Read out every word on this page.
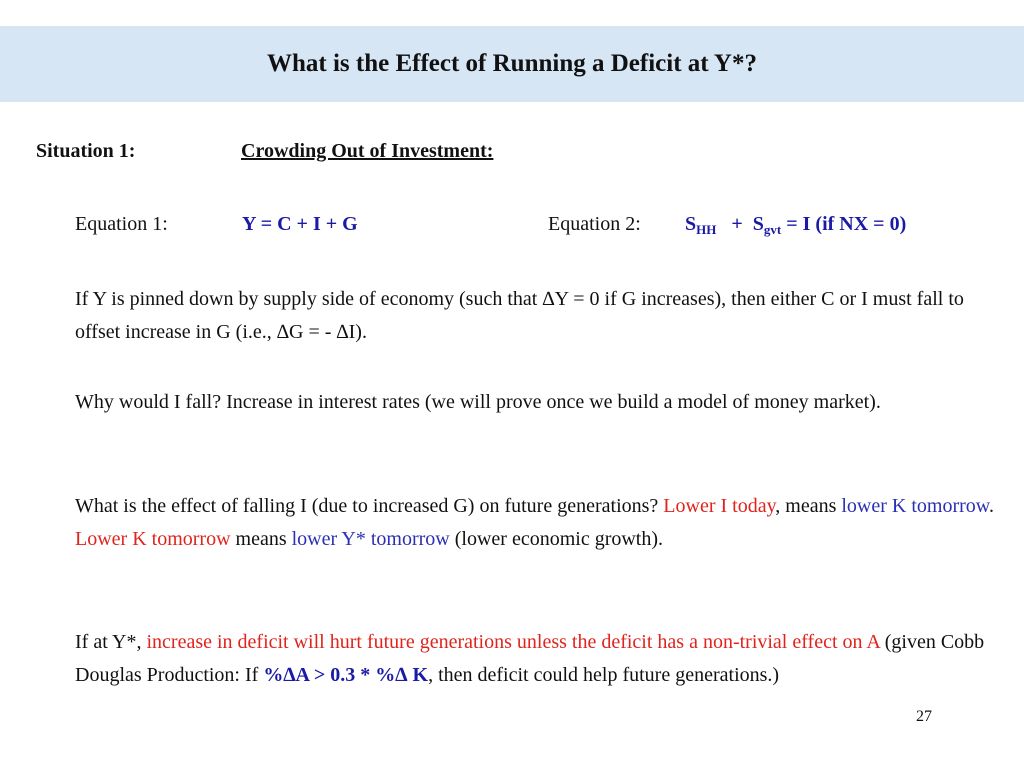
What is the Effect of Running a Deficit at Y*?
Situation 1:	Crowding Out of Investment:
Equation 1:	Y = C + I + G	Equation 2: $S_{HH} + S_{gvt} = I$ (if NX = 0)
If Y is pinned down by supply side of economy (such that ∆Y = 0 if G increases), then either C or I must fall to offset increase in G (i.e., ∆G = - ∆I).
Why would I fall? Increase in interest rates (we will prove once we build a model of money market).
What is the effect of falling I (due to increased G) on future generations? Lower I today, means lower K tomorrow. Lower K tomorrow means lower Y* tomorrow (lower economic growth).
If at Y*, increase in deficit will hurt future generations unless the deficit has a non-trivial effect on A (given Cobb Douglas Production: If %∆A > 0.3 * %∆ K, then deficit could help future generations.)
27
